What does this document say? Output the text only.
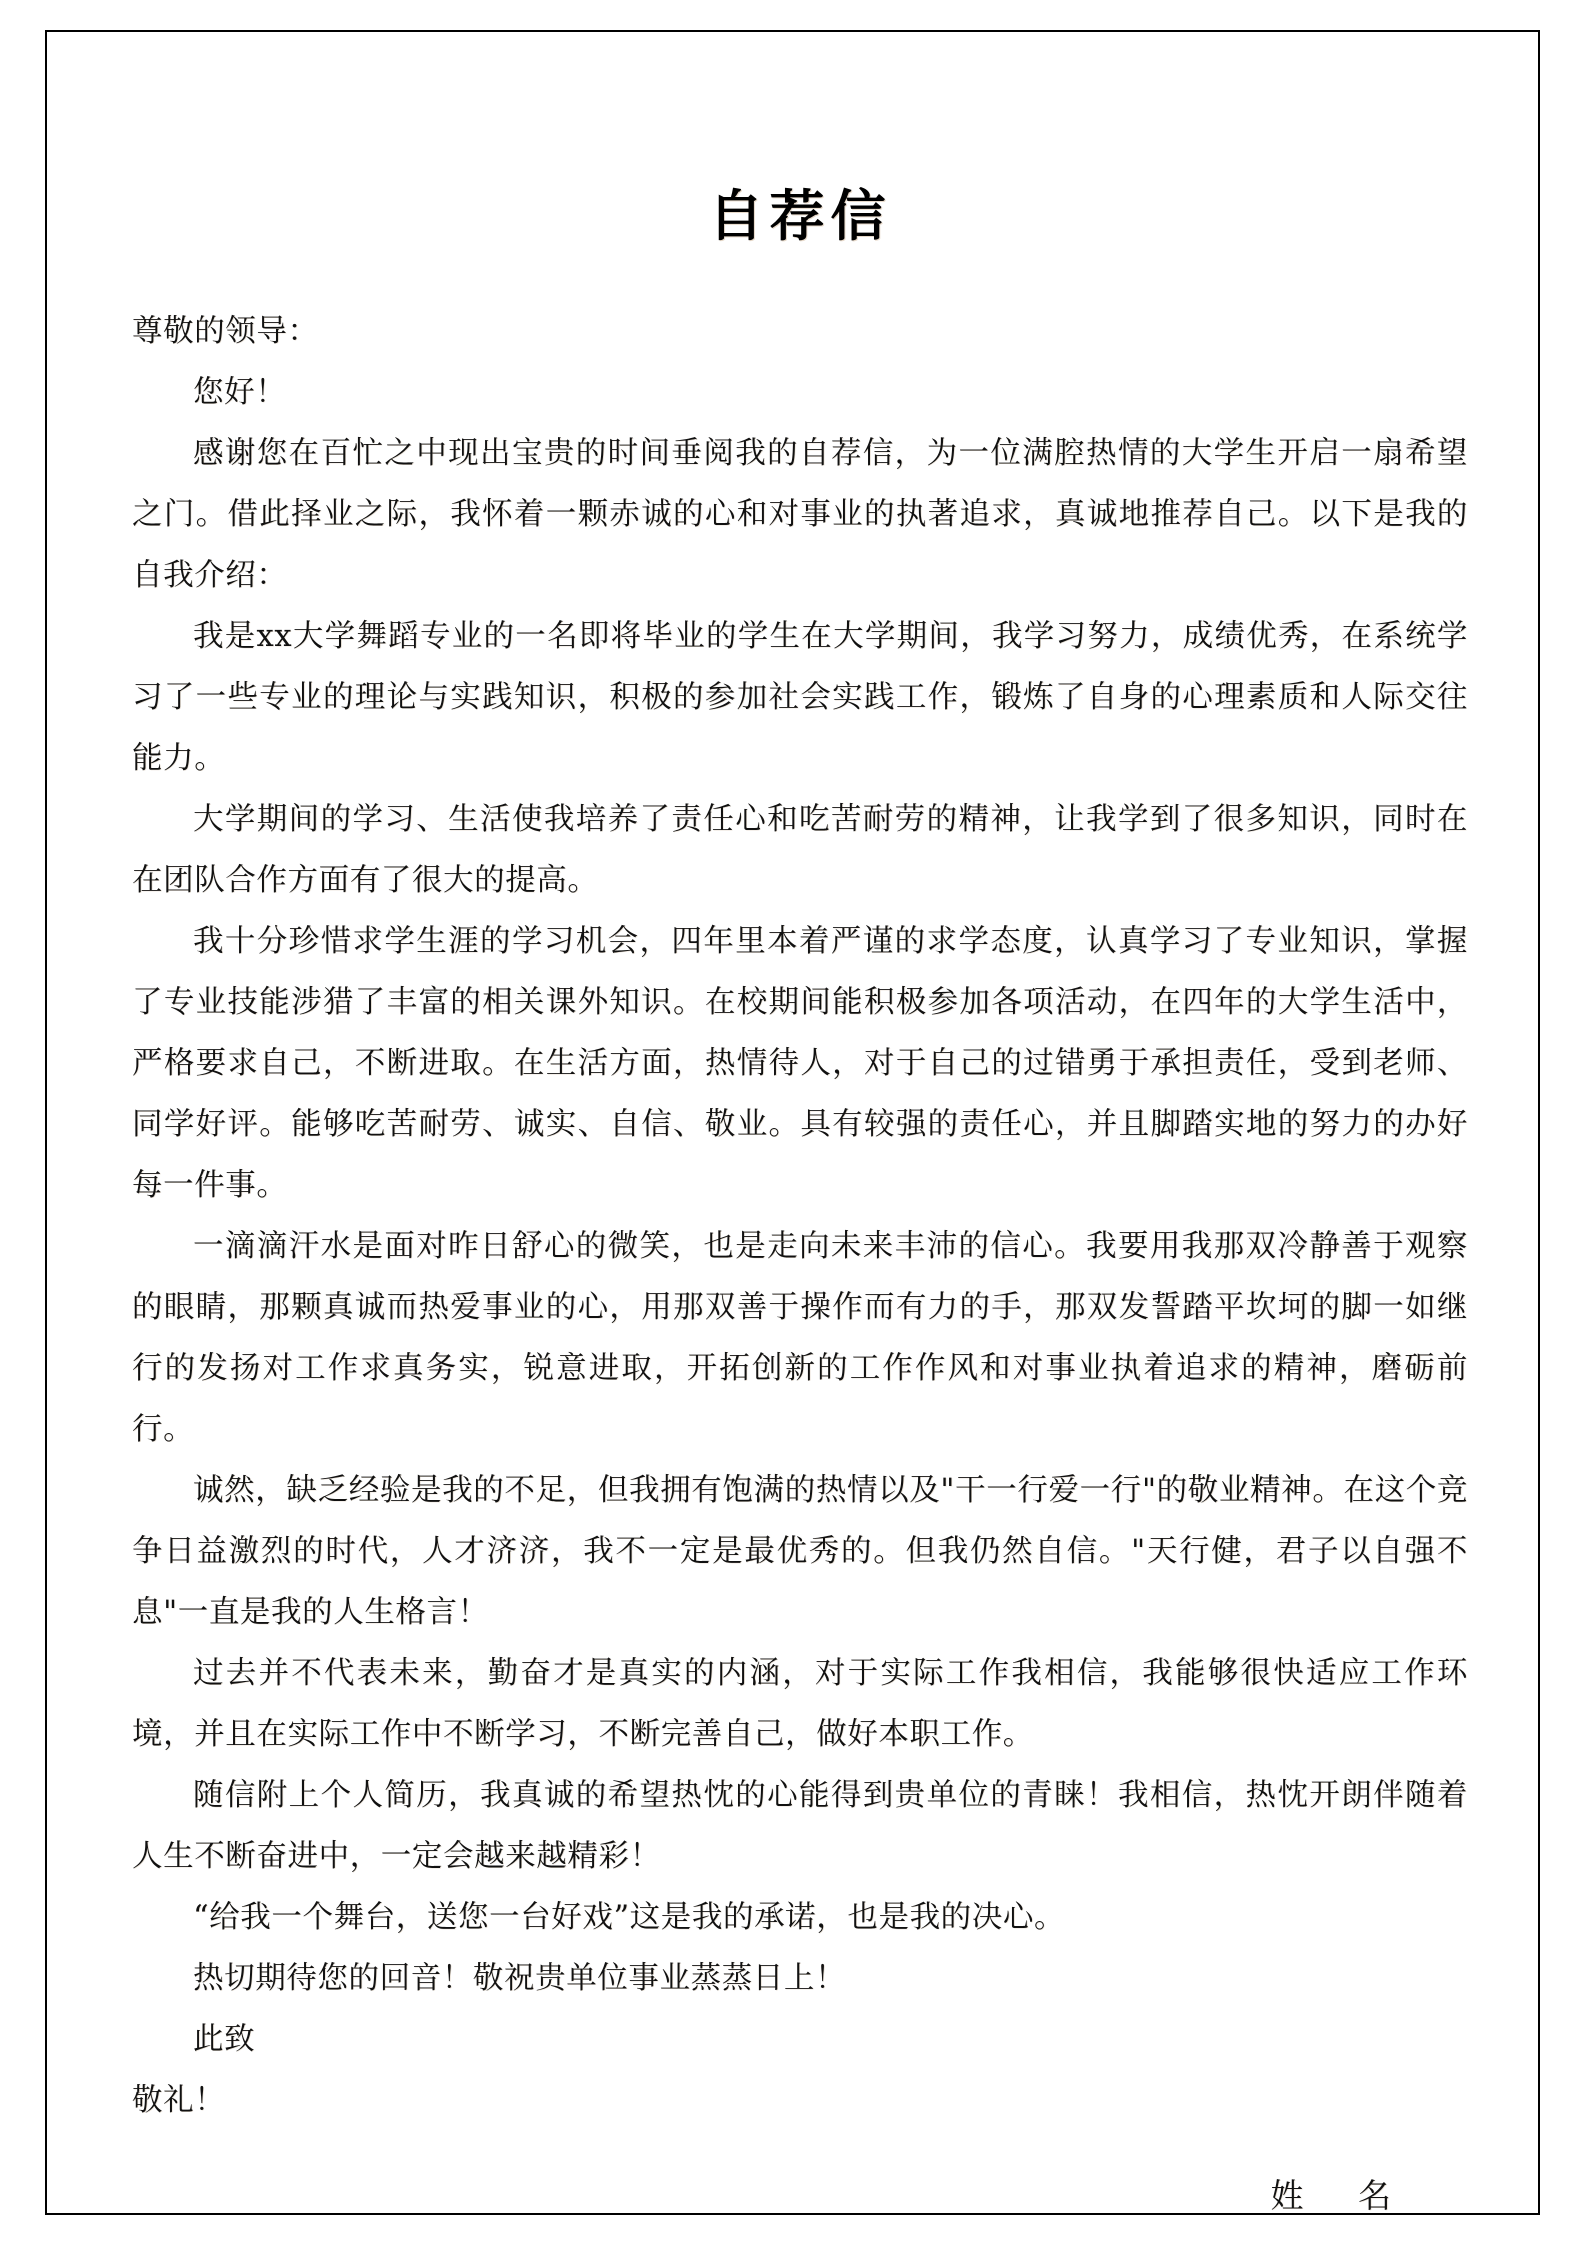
自荐信

尊敬的领导：

您好！

感谢您在百忙之中现出宝贵的时间垂阅我的自荐信，为一位满腔热情的大学生开启一扇希望之门。借此择业之际，我怀着一颗赤诚的心和对事业的执著追求，真诚地推荐自己。以下是我的自我介绍：

我是xx大学舞蹈专业的一名即将毕业的学生在大学期间，我学习努力，成绩优秀，在系统学习了一些专业的理论与实践知识，积极的参加社会实践工作，锻炼了自身的心理素质和人际交往能力。

大学期间的学习、生活使我培养了责任心和吃苦耐劳的精神，让我学到了很多知识，同时在在团队合作方面有了很大的提高。

我十分珍惜求学生涯的学习机会，四年里本着严谨的求学态度，认真学习了专业知识，掌握了专业技能涉猎了丰富的相关课外知识。在校期间能积极参加各项活动，在四年的大学生活中，严格要求自己，不断进取。在生活方面，热情待人，对于自己的过错勇于承担责任，受到老师、同学好评。能够吃苦耐劳、诚实、自信、敬业。具有较强的责任心，并且脚踏实地的努力的办好每一件事。

一滴滴汗水是面对昨日舒心的微笑，也是走向未来丰沛的信心。我要用我那双冷静善于观察的眼睛，那颗真诚而热爱事业的心，用那双善于操作而有力的手，那双发誓踏平坎坷的脚一如继行的发扬对工作求真务实，锐意进取，开拓创新的工作作风和对事业执着追求的精神，磨砺前行。

诚然，缺乏经验是我的不足，但我拥有饱满的热情以及"干一行爱一行"的敬业精神。在这个竞争日益激烈的时代，人才济济，我不一定是最优秀的。但我仍然自信。"天行健，君子以自强不息"一直是我的人生格言！

过去并不代表未来，勤奋才是真实的内涵，对于实际工作我相信，我能够很快适应工作环境，并且在实际工作中不断学习，不断完善自己，做好本职工作。

随信附上个人简历，我真诚的希望热忱的心能得到贵单位的青睐！我相信，热忱开朗伴随着人生不断奋进中，一定会越来越精彩！

“给我一个舞台，送您一台好戏”这是我的承诺，也是我的决心。

热切期待您的回音！敬祝贵单位事业蒸蒸日上！

此致

敬礼！

姓 名
